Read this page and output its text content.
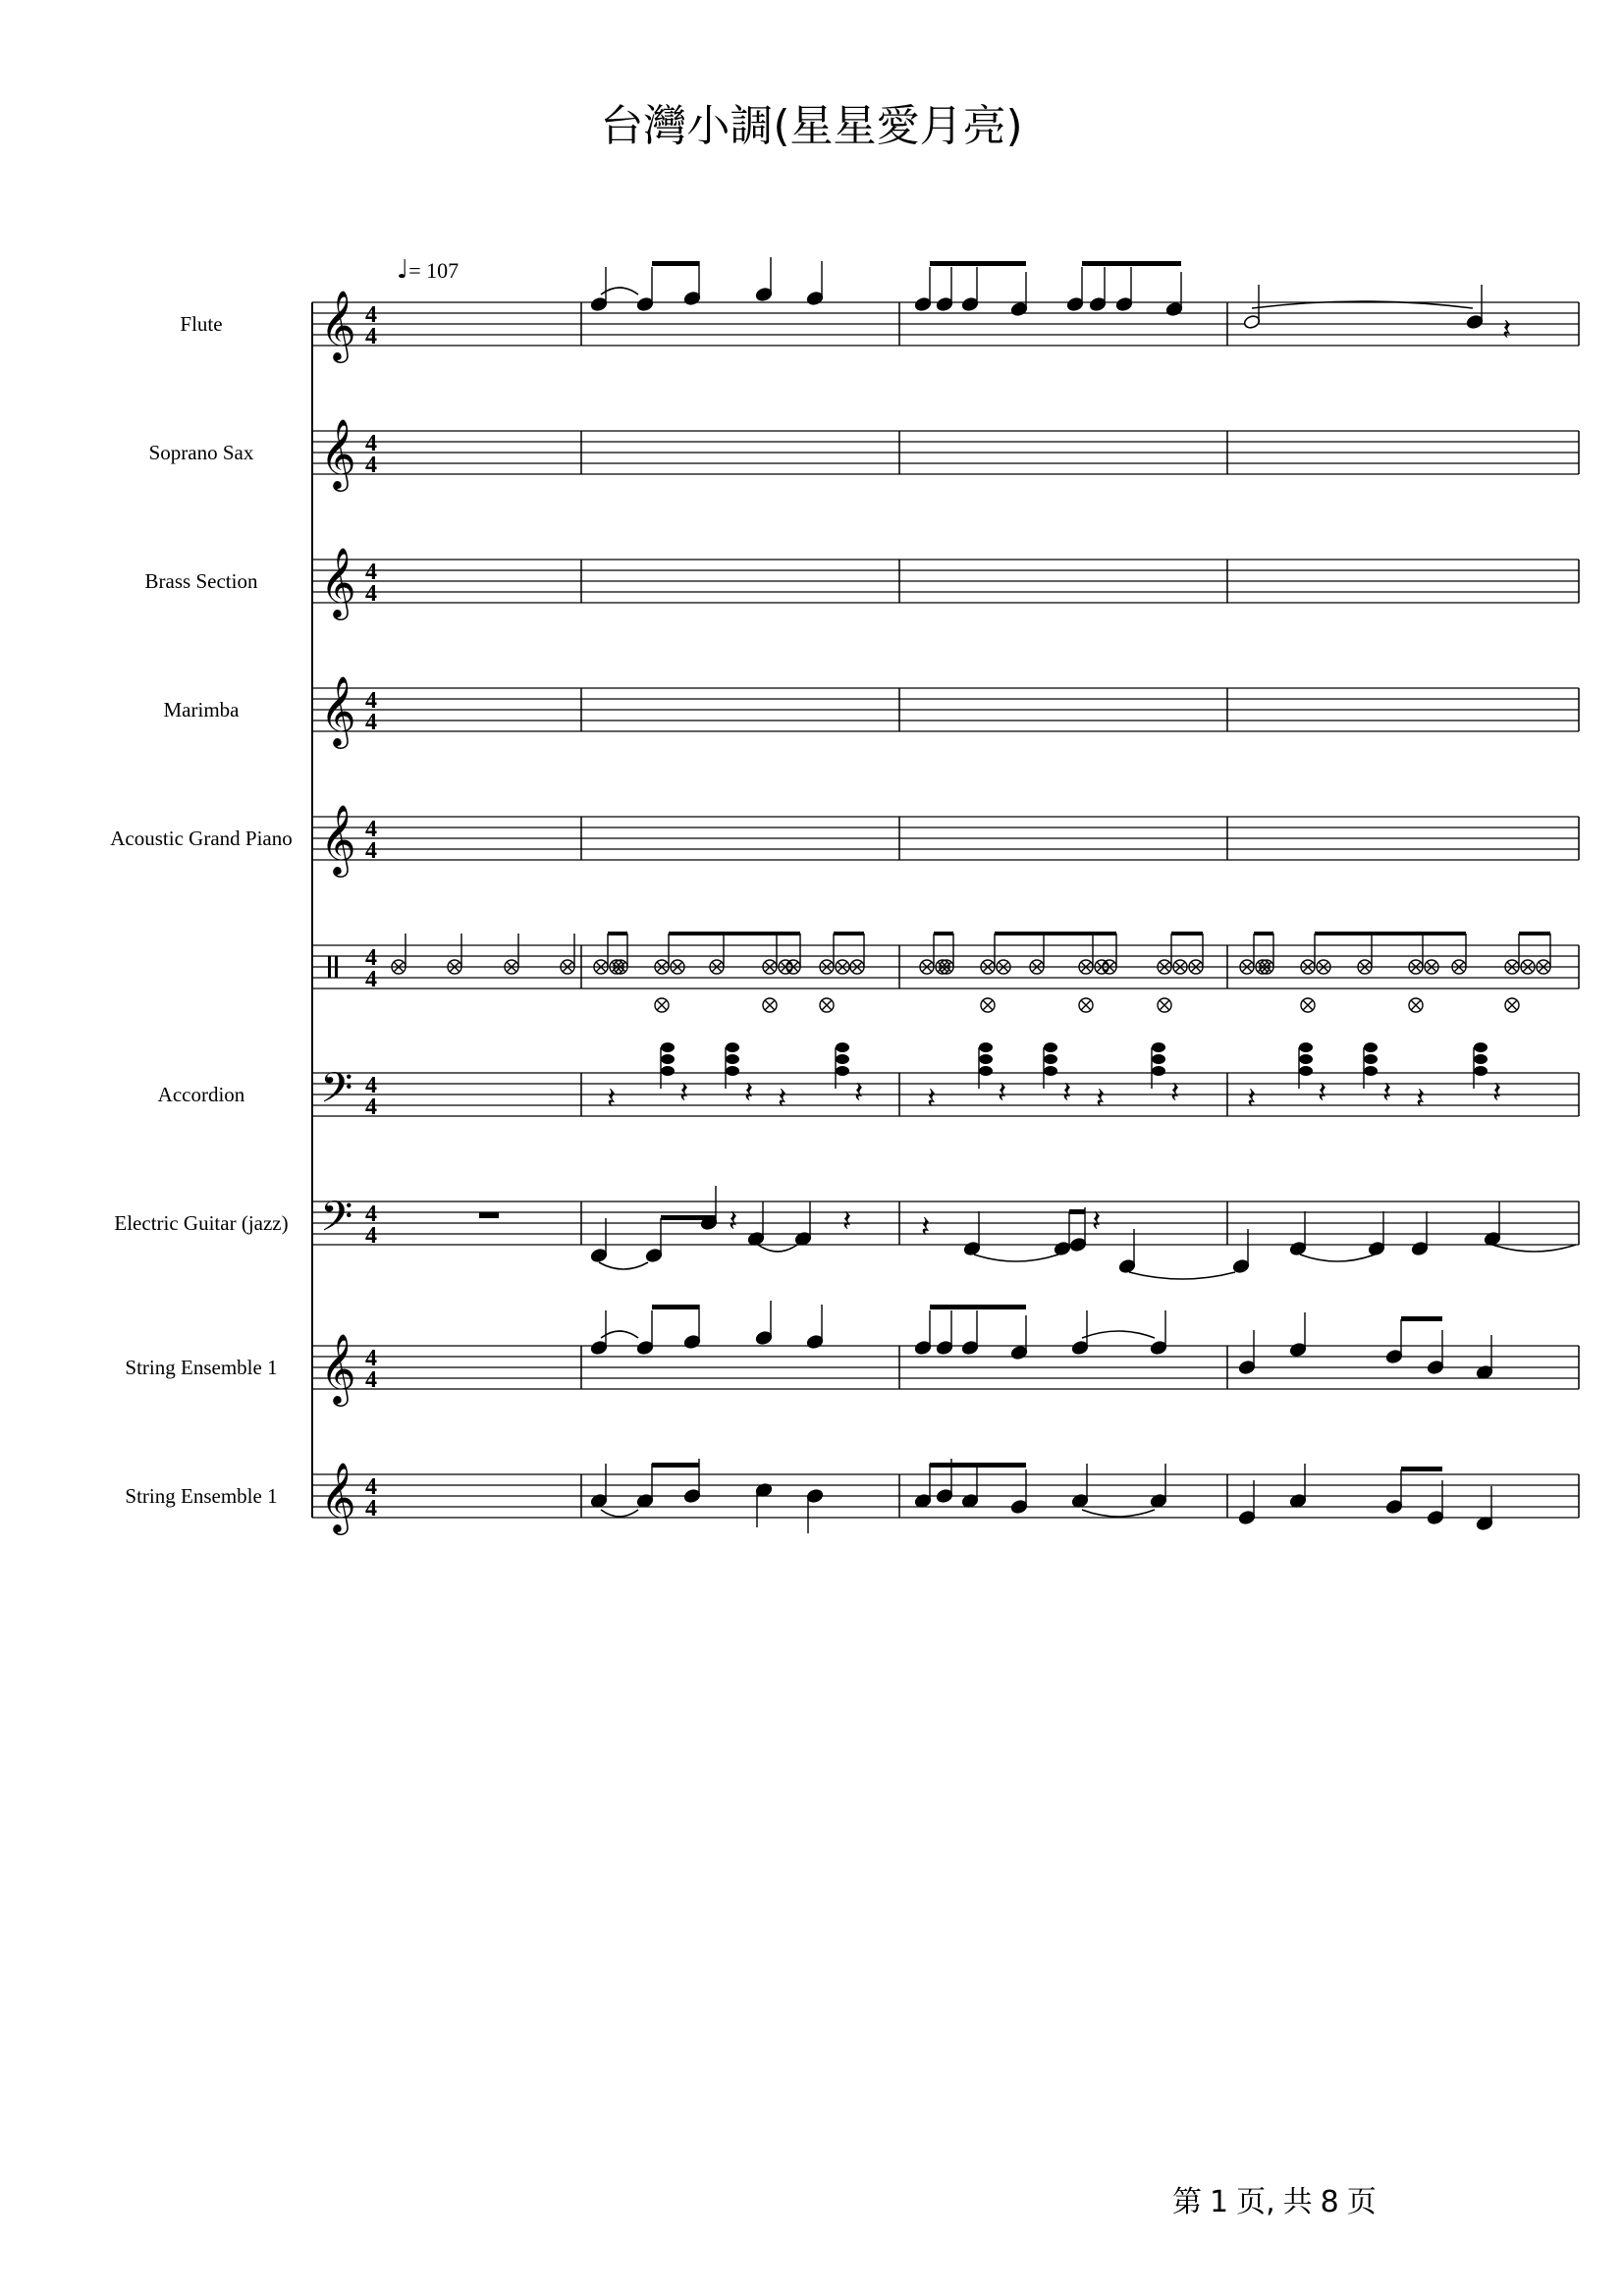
台灣小調(星星愛月亮)
♩= 107
Flute
Soprano Sax
Brass Section
Marimba
Acoustic Grand Piano
Accordion
Electric Guitar (jazz)
String Ensemble 1
String Ensemble 1
𝄞 4
4
𝄞 4
4
𝄞 4
4
𝄞 4
4
𝄞 4
4
4
4
𝄢 4
4
𝄢 4
4
𝄞 4
4
𝄞 4
4
𝄽
𝄽 𝄽 𝄽	𝄽
𝄽	𝄽 𝄽 𝄽	𝄽
𝄽	𝄽 𝄽 𝄽	𝄽
𝄽
𝄽	𝄽 𝄽	𝄽
第 1 页, 共 8 页
